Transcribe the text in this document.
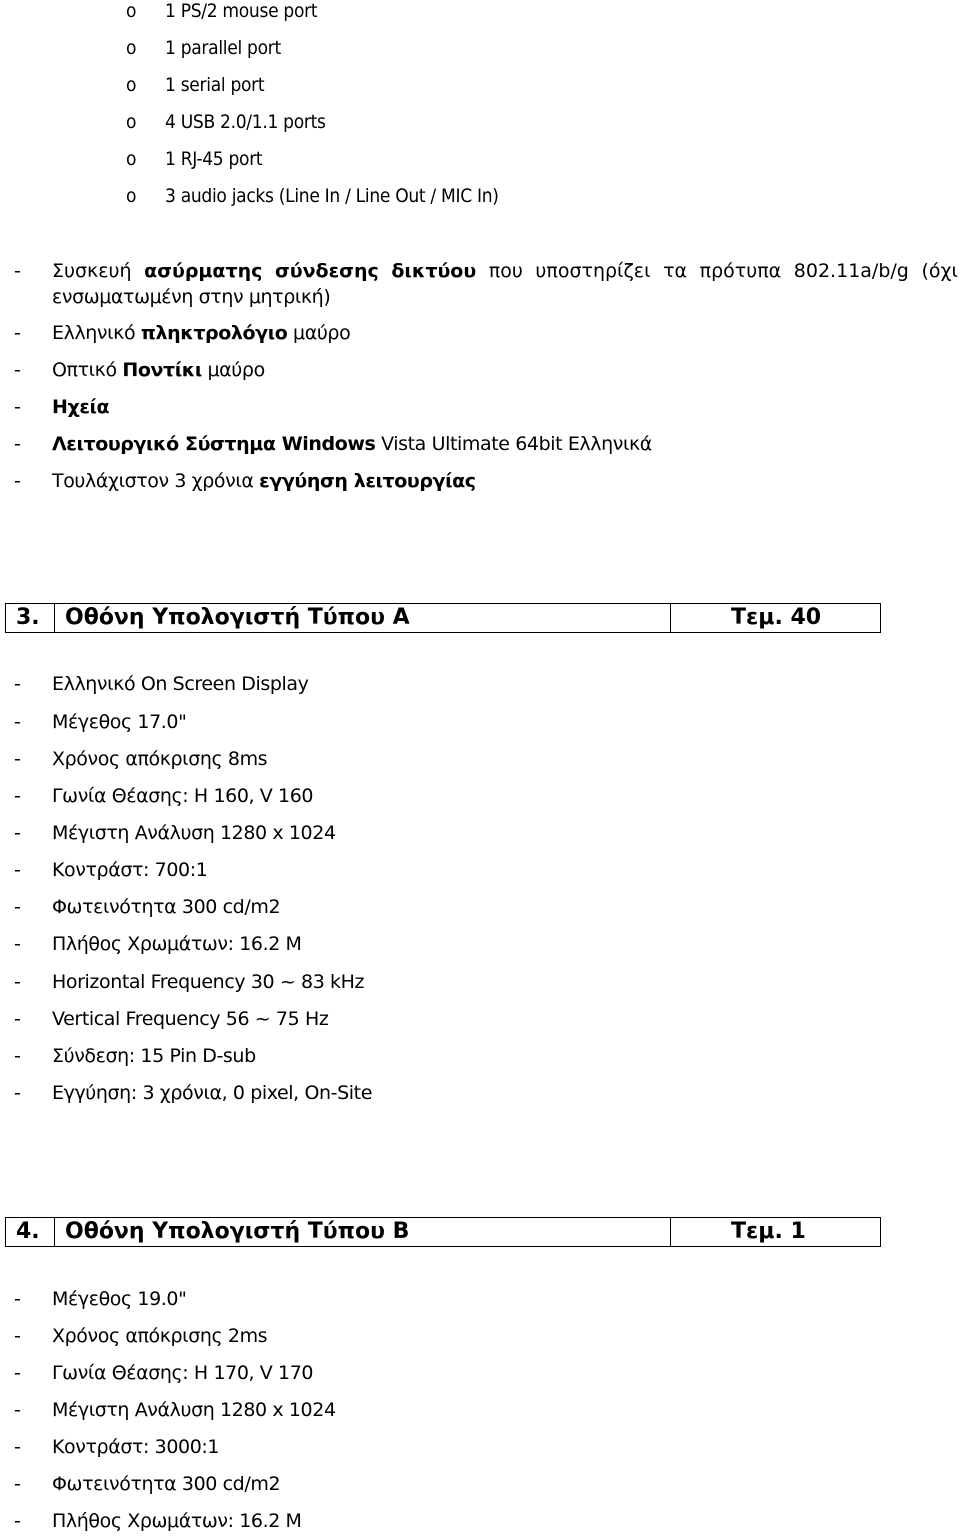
o	1 PS/2 mouse port
o	1 parallel port
o	1 serial port
o	4 USB 2.0/1.1 ports
o	1 RJ-45 port
o	3 audio jacks (Line In / Line Out / MIC In)
-	Συσκευή ασύρματης σύνδεσης δικτύου που υποστηρίζει τα πρότυπα 802.11a/b/g (όχι
ενσωματωμένη στην μητρική)
-	Ελληνικό πληκτρολόγιο μαύρο
-	Οπτικό Ποντίκι μαύρο
-	Ηχεία
-	Λειτουργικό Σύστημα Windows Vista Ultimate 64bit Ελληνικά
-	Τουλάχιστον 3 χρόνια εγγύηση λειτουργίας
3.	Οθόνη Υπολογιστή Τύπου Α	Τεμ. 40
-	Ελληνικό On Screen Display
-	Μέγεθος 17.0"
-	Χρόνος απόκρισης 8ms
-	Γωνία Θέασης: H 160, V 160
-	Μέγιστη Ανάλυση 1280 x 1024
-	Κοντράστ: 700:1
-	Φωτεινότητα 300 cd/m2
-	Πλήθος Χρωμάτων: 16.2 M
-	Horizontal Frequency 30 ~ 83 kHz
-	Vertical Frequency 56 ~ 75 Hz
-	Σύνδεση: 15 Pin D-sub
-	Εγγύηση: 3 χρόνια, 0 pixel, On-Site
4.	Οθόνη Υπολογιστή Τύπου Β	Τεμ. 1
-	Μέγεθος 19.0"
-	Χρόνος απόκρισης 2ms
-	Γωνία Θέασης: H 170, V 170
-	Μέγιστη Ανάλυση 1280 x 1024
-	Κοντράστ: 3000:1
-	Φωτεινότητα 300 cd/m2
-	Πλήθος Χρωμάτων: 16.2 M
